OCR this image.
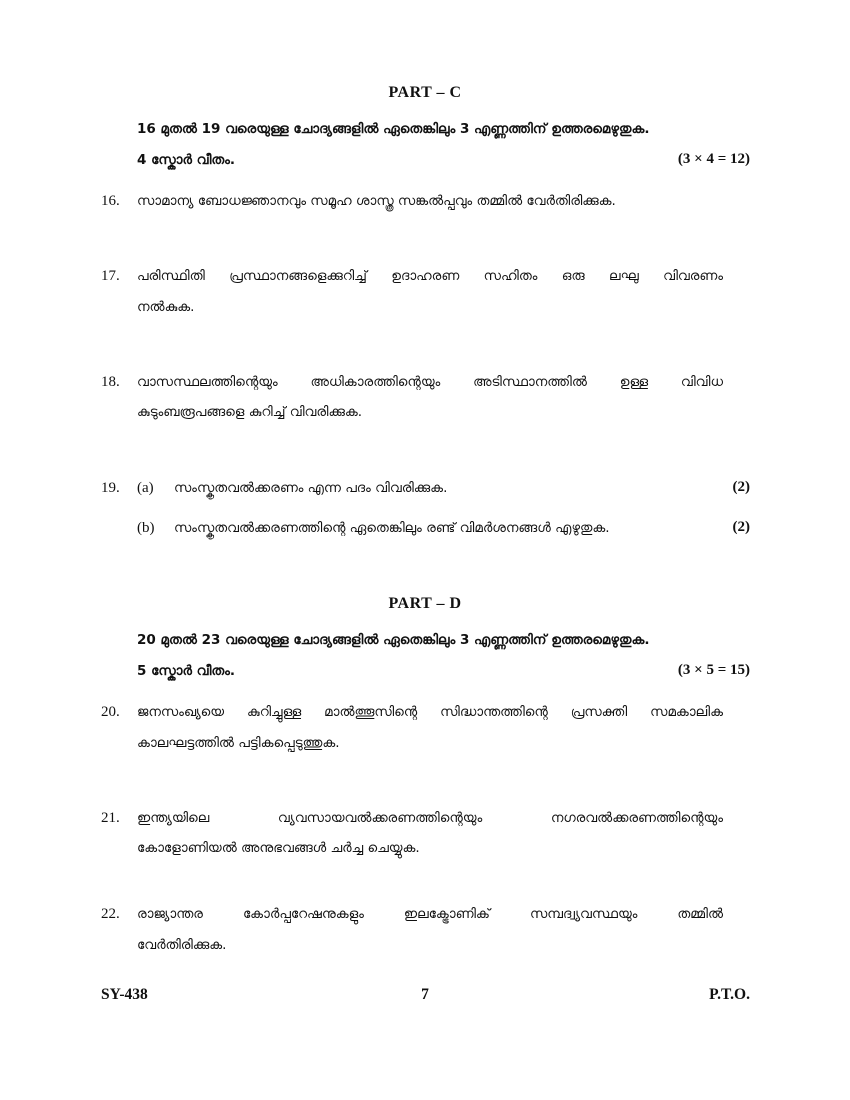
PART – C
16 മുതൽ 19 വരെയുള്ള ചോദ്യങ്ങളിൽ ഏതെങ്കിലും 3 എണ്ണത്തിന് ഉത്തരമെഴുതുക.
4 സ്കോർ വീതം.	(3 × 4 = 12)
16. സാമാന്യ ബോധജ്ഞാനവും സമൂഹ ശാസ്ത്ര സങ്കൽപ്പവും തമ്മിൽ വേർതിരിക്കുക.
17. പരിസ്ഥിതി പ്രസ്ഥാനങ്ങളെക്കുറിച്ച് ഉദാഹരണ സഹിതം ഒരു ലഘു വിവരണം
നൽകുക.
18. വാസസ്ഥലത്തിന്റെയും അധികാരത്തിന്റെയും അടിസ്ഥാനത്തിൽ ഉള്ള വിവിധ
കുടുംബരൂപങ്ങളെ കുറിച്ച് വിവരിക്കുക.
19. (a) സംസ്കൃതവൽക്കരണം എന്ന പദം വിവരിക്കുക.	(2)
(b) സംസ്കൃതവൽക്കരണത്തിന്റെ ഏതെങ്കിലും രണ്ട് വിമർശനങ്ങൾ എഴുതുക.	(2)
PART – D
20 മുതൽ 23 വരെയുള്ള ചോദ്യങ്ങളിൽ ഏതെങ്കിലും 3 എണ്ണത്തിന് ഉത്തരമെഴുതുക.
5 സ്കോർ വീതം.	(3 × 5 = 15)
20. ജനസംഖ്യയെ കുറിച്ചുള്ള മാൽത്തൂസിന്റെ സിദ്ധാന്തത്തിന്റെ പ്രസക്തി സമകാലിക
കാലഘട്ടത്തിൽ പട്ടികപ്പെടുത്തുക.
21. ഇന്ത്യയിലെ വ്യവസായവൽക്കരണത്തിന്റെയും നഗരവൽക്കരണത്തിന്റെയും
കോളോണിയൽ അനുഭവങ്ങൾ ചർച്ച ചെയ്യുക.
22. രാജ്യാന്തര കോർപ്പറേഷനുകളും ഇലക്ട്രോണിക് സമ്പദ്വ്യവസ്ഥയും തമ്മിൽ
വേർതിരിക്കുക.
SY-438	7	P.T.O.
